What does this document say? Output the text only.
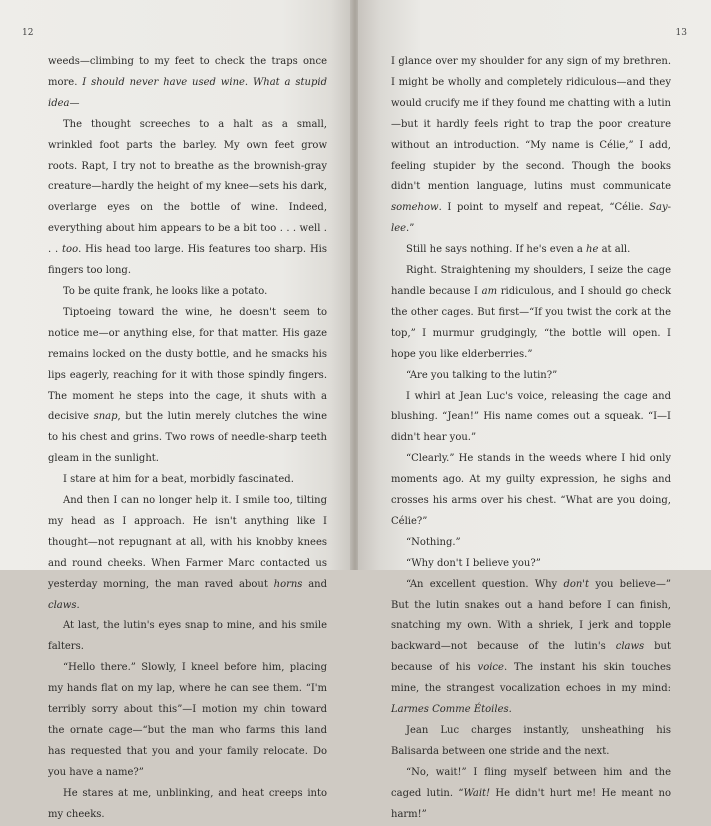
12

weeds—climbing to my feet to check the traps once more. I should never have used wine. What a stupid idea—

The thought screeches to a halt as a small, wrinkled foot parts the barley. My own feet grow roots. Rapt, I try not to breathe as the brownish-gray creature—hardly the height of my knee—sets his dark, overlarge eyes on the bottle of wine. Indeed, everything about him appears to be a bit too . . . well . . . too. His head too large. His features too sharp. His fingers too long.

To be quite frank, he looks like a potato.

Tiptoeing toward the wine, he doesn't seem to notice me—or anything else, for that matter. His gaze remains locked on the dusty bottle, and he smacks his lips eagerly, reaching for it with those spindly fingers. The moment he steps into the cage, it shuts with a decisive snap, but the lutin merely clutches the wine to his chest and grins. Two rows of needle-sharp teeth gleam in the sunlight.

I stare at him for a beat, morbidly fascinated.

And then I can no longer help it. I smile too, tilting my head as I approach. He isn't anything like I thought—not repugnant at all, with his knobby knees and round cheeks. When Farmer Marc contacted us yesterday morning, the man raved about horns and claws.

At last, the lutin's eyes snap to mine, and his smile falters.

“Hello there.” Slowly, I kneel before him, placing my hands flat on my lap, where he can see them. “I'm terribly sorry about this”—I motion my chin toward the ornate cage—“but the man who farms this land has requested that you and your family relocate. Do you have a name?”

He stares at me, unblinking, and heat creeps into my cheeks.

13

I glance over my shoulder for any sign of my brethren. I might be wholly and completely ridiculous—and they would crucify me if they found me chatting with a lutin—but it hardly feels right to trap the poor creature without an introduction. “My name is Célie,” I add, feeling stupider by the second. Though the books didn't mention language, lutins must communicate somehow. I point to myself and repeat, “Célie. Say-lee.”

Still he says nothing. If he's even a he at all.

Right. Straightening my shoulders, I seize the cage handle because I am ridiculous, and I should go check the other cages. But first—“If you twist the cork at the top,” I murmur grudgingly, “the bottle will open. I hope you like elderberries.”

“Are you talking to the lutin?”

I whirl at Jean Luc's voice, releasing the cage and blushing. “Jean!” His name comes out a squeak. “I—I didn't hear you.”

“Clearly.” He stands in the weeds where I hid only moments ago. At my guilty expression, he sighs and crosses his arms over his chest. “What are you doing, Célie?”

“Nothing.”

“Why don't I believe you?”

“An excellent question. Why don't you believe—” But the lutin snakes out a hand before I can finish, snatching my own. With a shriek, I jerk and topple backward—not because of the lutin's claws but because of his voice. The instant his skin touches mine, the strangest vocalization echoes in my mind: Larmes Comme Étoiles.

Jean Luc charges instantly, unsheathing his Balisarda between one stride and the next.

“No, wait!” I fling myself between him and the caged lutin. “Wait! He didn't hurt me! He meant no harm!”
